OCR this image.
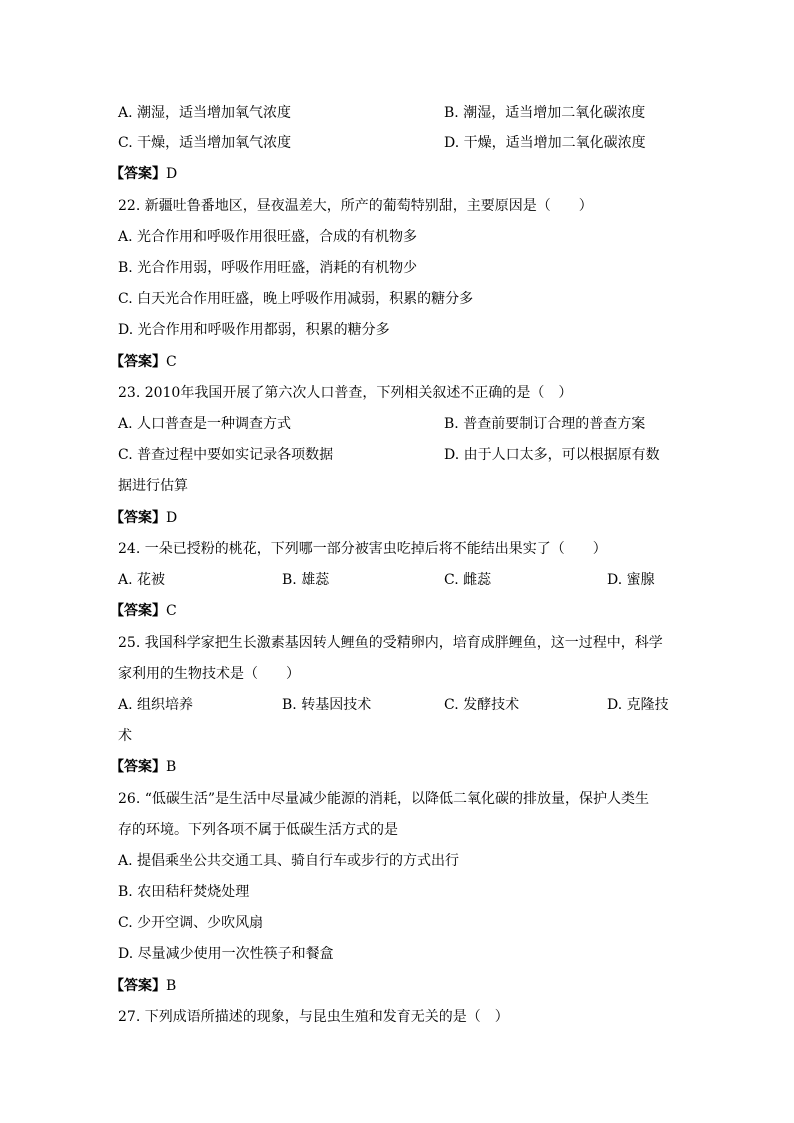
A. 潮湿，适当增加氧气浓度	B. 潮湿，适当增加二氧化碳浓度
C. 干燥，适当增加氧气浓度	D. 干燥，适当增加二氧化碳浓度
【答案】D
22. 新疆吐鲁番地区，昼夜温差大，所产的葡萄特别甜，主要原因是（　　）
A. 光合作用和呼吸作用很旺盛，合成的有机物多
B. 光合作用弱，呼吸作用旺盛，消耗的有机物少
C. 白天光合作用旺盛，晚上呼吸作用减弱，积累的糖分多
D. 光合作用和呼吸作用都弱，积累的糖分多
【答案】C
23. 2010年我国开展了第六次人口普查，下列相关叙述不正确的是（　）
A. 人口普查是一种调查方式	B. 普查前要制订合理的普查方案
C. 普查过程中要如实记录各项数据	D. 由于人口太多，可以根据原有数
据进行估算
【答案】D
24. 一朵已授粉的桃花，下列哪一部分被害虫吃掉后将不能结出果实了（　　）
A. 花被	B. 雄蕊	C. 雌蕊	D. 蜜腺
【答案】C
25. 我国科学家把生长激素基因转人鲤鱼的受精卵内，培育成胖鲤鱼，这一过程中，科学
家利用的生物技术是（　　）
A. 组织培养	B. 转基因技术	C. 发酵技术	D. 克隆技
术
【答案】B
26. “低碳生活”是生活中尽量减少能源的消耗，以降低二氧化碳的排放量，保护人类生
存的环境。下列各项不属于低碳生活方式的是
A. 提倡乘坐公共交通工具、骑自行车或步行的方式出行
B. 农田秸秆焚烧处理
C. 少开空调、少吹风扇
D. 尽量减少使用一次性筷子和餐盒
【答案】B
27. 下列成语所描述的现象，与昆虫生殖和发育无关的是（　）
